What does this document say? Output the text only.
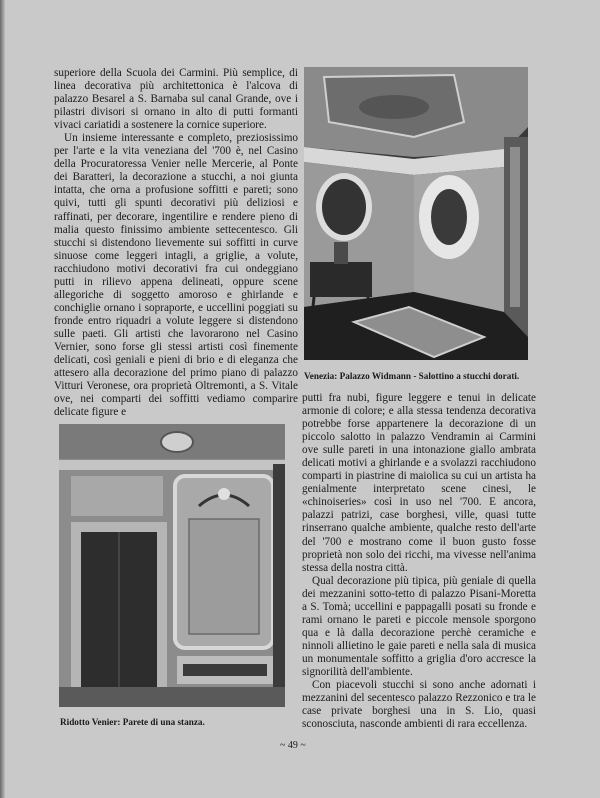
superiore della Scuola dei Carmini. Più semplice, di linea decorativa più architettonica è l'alcova di palazzo Besarel a S. Barnaba sul canal Grande, ove i pilastri divisori si ornano in alto di putti formanti vivaci cariatidi a sostenere la cornice superiore.

Un insieme interessante e completo, preziosissimo per l'arte e la vita veneziana del '700 è, nel Casino della Procuratoressa Venier nelle Mercerie, al Ponte dei Baratteri, la decorazione a stucchi, a noi giunta intatta, che orna a profusione soffitti e pareti; sono quivi, tutti gli spunti decorativi più deliziosi e raffinati, per decorare, ingentilire e rendere pieno di malia questo finissimo ambiente settecentesco. Gli stucchi si distendono lievemente sui soffitti in curve sinuose come leggeri intagli, a griglie, a volute, racchiudono motivi decorativi fra cui ondeggiano putti in rilievo appena delineati, oppure scene allegoriche di soggetto amoroso e ghirlande e conchiglie ornano i sopraporte, e uccellini poggiati su fronde entro riquadri a volute leggere si distendono sulle paeti. Gli artisti che lavorarono nel Casino Vernier, sono forse gli stessi artisti così finemente delicati, così geniali e pieni di brio e di eleganza che attesero alla decorazione del primo piano di palazzo Vitturi Veronese, ora proprietà Oltremonti, a S. Vitale ove, nei comparti dei soffitti vediamo comparire delicate figure e

Venezia: Palazzo Widmann - Salottino a stucchi dorati.

putti fra nubi, figure leggere e tenui in delicate armonie di colore; e alla stessa tendenza decorativa potrebbe forse appartenere la decorazione di un piccolo salotto in palazzo Vendramin ai Carmini ove sulle pareti in una intonazione giallo ambrata delicati motivi a ghirlande e a svolazzi racchiudono comparti in piastrine di maiolica su cui un artista ha genialmente interpretato scene cinesi, le «chinoiseries» così in uso nel '700. E ancora, palazzi patrizi, case borghesi, ville, quasi tutte rinserrano qualche ambiente, qualche resto dell'arte del '700 e mostrano come il buon gusto fosse proprietà non solo dei ricchi, ma vivesse nell'anima stessa della nostra città.

Qual decorazione più tipica, più geniale di quella dei mezzanini sotto-tetto di palazzo Pisani-Moretta a S. Tomà; uccellini e pappagalli posati su fronde e rami ornano le pareti e piccole mensole sporgono qua e là dalla decorazione perchè ceramiche e ninnoli allietino le gaie pareti e nella sala di musica un monumentale soffitto a griglia d'oro accresce la signorilità dell'ambiente.

Con piacevoli stucchi si sono anche adornati i mezzanini del secentesco palazzo Rezzonico e tra le case private borghesi una in S. Lio, quasi sconosciuta, nasconde ambienti di rara eccellenza.

Ridotto Venier: Parete di una stanza.
~ 49 ~
